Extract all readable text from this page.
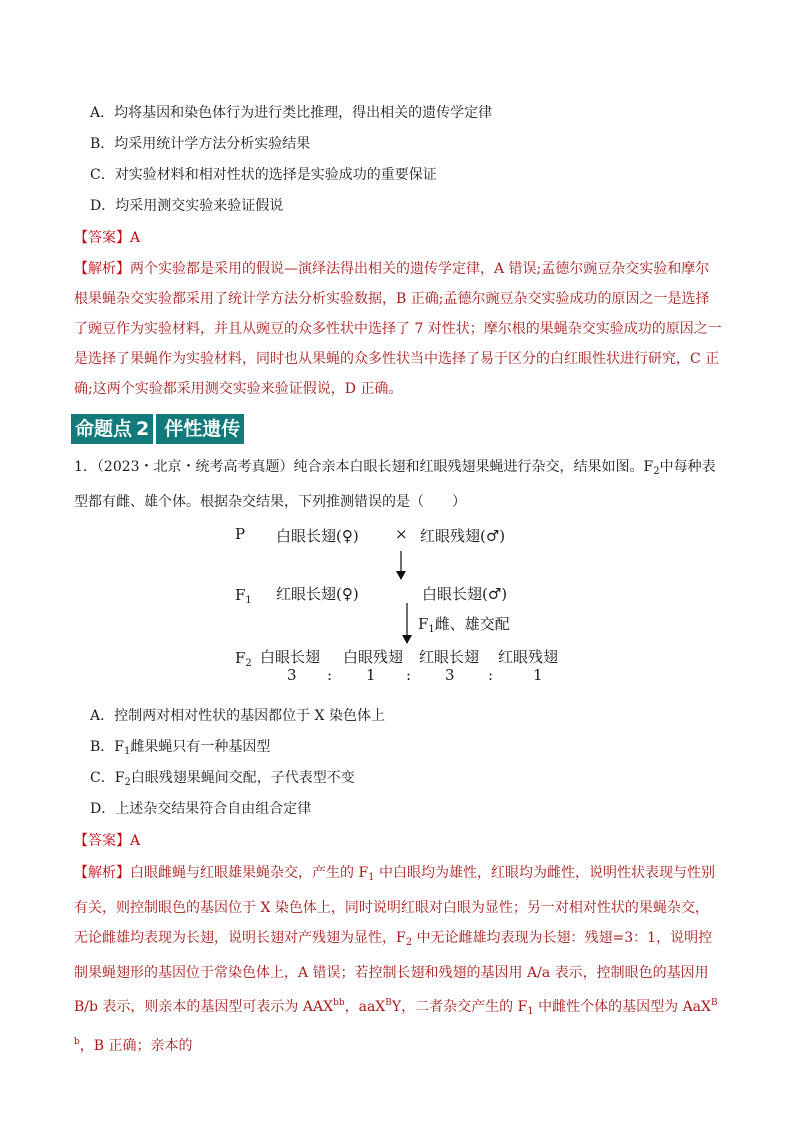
A．均将基因和染色体行为进行类比推理，得出相关的遗传学定律
B．均采用统计学方法分析实验结果
C．对实验材料和相对性状的选择是实验成功的重要保证
D．均采用测交实验来验证假说
【答案】A
【解析】两个实验都是采用的假说—演绎法得出相关的遗传学定律，A 错误;孟德尔豌豆杂交实验和摩尔根果蝇杂交实验都采用了统计学方法分析实验数据，B 正确;孟德尔豌豆杂交实验成功的原因之一是选择了豌豆作为实验材料，并且从豌豆的众多性状中选择了 7 对性状；摩尔根的果蝇杂交实验成功的原因之一是选择了果蝇作为实验材料，同时也从果蝇的众多性状当中选择了易于区分的白红眼性状进行研究，C 正确;这两个实验都采用测交实验来验证假说，D 正确。
命题点 2 伴性遗传
1．（2023・北京・统考高考真题）纯合亲本白眼长翅和红眼残翅果蝇进行杂交，结果如图。$F_2$中每种表型都有雌、雄个体。根据杂交结果，下列推测错误的是（　　）
P 白眼长翅(♀) × 红眼残翅(♂)
$F_1$ 红眼长翅(♀)	白眼长翅(♂)
$F_1$雌、雄交配
$F_2$ 白眼长翅 白眼残翅 红眼长翅 红眼残翅
3 : 1 : 3 :	1
A．控制两对相对性状的基因都位于 X 染色体上
B．$F_1$雌果蝇只有一种基因型
C．$F_2$白眼残翅果蝇间交配，子代表型不变
D．上述杂交结果符合自由组合定律
【答案】A
【解析】白眼雌蝇与红眼雄果蝇杂交，产生的 $F_1$ 中白眼均为雄性，红眼均为雌性，说明性状表现与性别有关，则控制眼色的基因位于 X 染色体上，同时说明红眼对白眼为显性；另一对相对性状的果蝇杂交，无论雌雄均表现为长翅，说明长翅对产残翅为显性，$F_2$ 中无论雌雄均表现为长翅：残翅=3：1，说明控制果蝇翅形的基因位于常染色体上，A 错误；若控制长翅和残翅的基因用 A/a 表示，控制眼色的基因用 B/b 表示，则亲本的基因型可表示为 $AAX^{bb}$，aaX$^B$Y，二者杂交产生的 $F_1$ 中雌性个体的基因型为 AaX$^{Bb}$，B 正确；亲本的
